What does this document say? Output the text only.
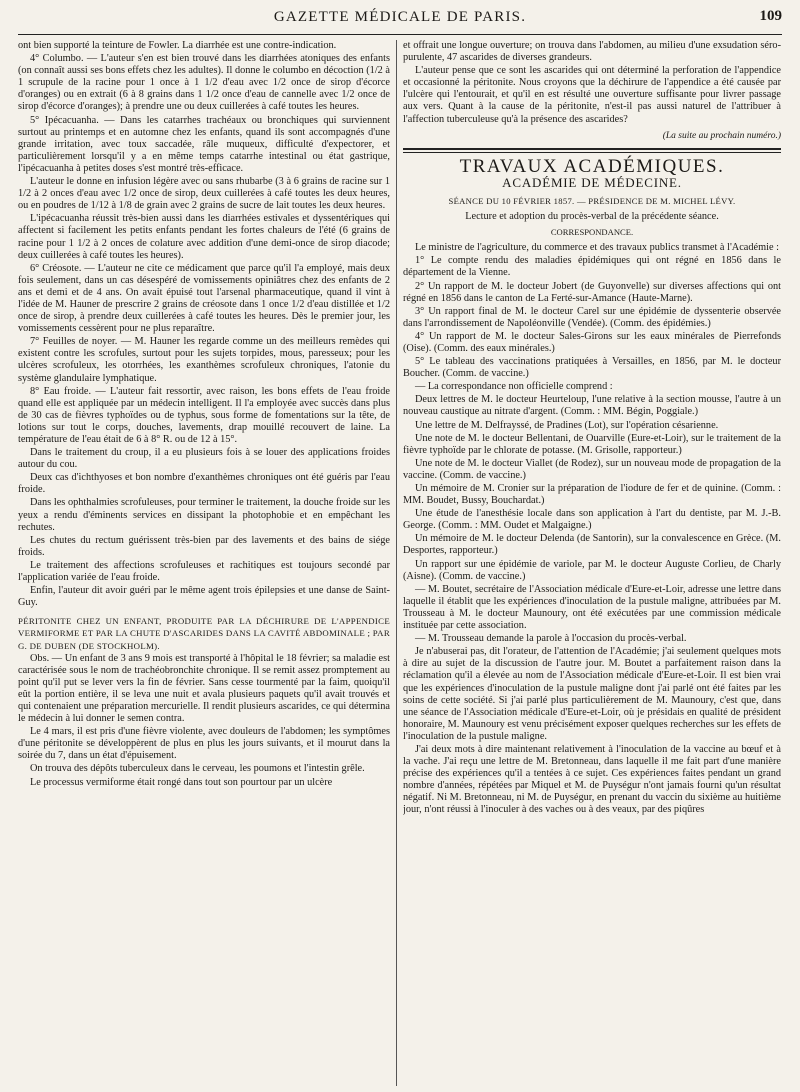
GAZETTE MÉDICALE DE PARIS.	109

ont bien supporté la teinture de Fowler. La diarrhée est une contre-indication.

4° Columbo. — L'auteur s'en est bien trouvé dans les diarrhées atoniques des enfants (on connaît aussi ses bons effets chez les adultes). Il donne le columbo en décoction (1/2 à 1 scrupule de la racine pour 1 once à 1 1/2 d'eau avec 1/2 once de sirop d'écorce d'oranges) ou en extrait (6 à 8 grains dans 1 1/2 once d'eau de cannelle avec 1/2 once de sirop d'écorce d'oranges); à prendre une ou deux cuillerées à café toutes les heures.

5° Ipécacuanha. — Dans les catarrhes trachéaux ou bronchiques qui surviennent surtout au printemps et en automne chez les enfants, quand ils sont accompagnés d'une grande irritation, avec toux saccadée, râle muqueux, difficulté d'expectorer, et particulièrement lorsqu'il y a en même temps catarrhe intestinal ou état gastrique, l'ipécacuanha à petites doses s'est montré très-efficace.

L'auteur le donne en infusion légère avec ou sans rhubarbe (3 à 6 grains de racine sur 1 1/2 à 2 onces d'eau avec 1/2 once de sirop, deux cuillerées à café toutes les deux heures, ou en poudres de 1/12 à 1/8 de grain avec 2 grains de sucre de lait toutes les deux heures.

L'ipécacuanha réussit très-bien aussi dans les diarrhées estivales et dyssentériques qui affectent si facilement les petits enfants pendant les fortes chaleurs de l'été (6 grains de racine pour 1 1/2 à 2 onces de colature avec addition d'une demi-once de sirop diacode; deux cuillerées à café toutes les heures).

6° Créosote. — L'auteur ne cite ce médicament que parce qu'il l'a employé, mais deux fois seulement, dans un cas désespéré de vomissements opiniâtres chez des enfants de 2 ans et demi et de 4 ans. On avait épuisé tout l'arsenal pharmaceutique, quand il vint à l'idée de M. Hauner de prescrire 2 grains de créosote dans 1 once 1/2 d'eau distillée et 1/2 once de sirop, à prendre deux cuillerées à café toutes les heures. Dès le premier jour, les vomissements cessèrent pour ne plus reparaître.

7° Feuilles de noyer. — M. Hauner les regarde comme un des meilleurs remèdes qui existent contre les scrofules, surtout pour les sujets torpides, mous, paresseux; pour les ulcères scrofuleux, les otorrhées, les exanthèmes scrofuleux chroniques, l'atonie du système glandulaire lymphatique.

8° Eau froide. — L'auteur fait ressortir, avec raison, les bons effets de l'eau froide quand elle est appliquée par un médecin intelligent. Il l'a employée avec succès dans plus de 30 cas de fièvres typhoïdes ou de typhus, sous forme de fomentations sur la tête, de lotions sur tout le corps, douches, lavements, drap mouillé recouvert de laine. La température de l'eau était de 6 à 8° R. ou de 12 à 15°.

Dans le traitement du croup, il a eu plusieurs fois à se louer des applications froides autour du cou.

Deux cas d'ichthyoses et bon nombre d'exanthèmes chroniques ont été guéris par l'eau froide.

Dans les ophthalmies scrofuleuses, pour terminer le traitement, la douche froide sur les yeux a rendu d'éminents services en dissipant la photophobie et en empêchant les rechutes.

Les chutes du rectum guérissent très-bien par des lavements et des bains de siége froids.

Le traitement des affections scrofuleuses et rachitiques est toujours secondé par l'application variée de l'eau froide.

Enfin, l'auteur dit avoir guéri par le même agent trois épilepsies et une danse de Saint-Guy.

PÉRITONITE CHEZ UN ENFANT, PRODUITE PAR LA DÉCHIRURE DE L'APPENDICE VERMIFORME ET PAR LA CHUTE D'ASCARIDES DANS LA CAVITÉ ABDOMINALE ; PAR G. DE DUBEN (DE STOCKHOLM).

Obs. — Un enfant de 3 ans 9 mois est transporté à l'hôpital le 18 février; sa maladie est caractérisée sous le nom de trachéobronchite chronique. Il se remit assez promptement au point qu'il put se lever vers la fin de février. Sans cesse tourmenté par la faim, quoiqu'il eût la portion entière, il se leva une nuit et avala plusieurs paquets qu'il avait trouvés et qui contenaient une préparation mercurielle. Il rendit plusieurs ascarides, ce qui détermina le médecin à lui donner le semen contra.

Le 4 mars, il est pris d'une fièvre violente, avec douleurs de l'abdomen; les symptômes d'une péritonite se développèrent de plus en plus les jours suivants, et il mourut dans la soirée du 7, dans un état d'épuisement.

On trouva des dépôts tuberculeux dans le cerveau, les poumons et l'intestin grêle.

Le processus vermiforme était rongé dans tout son pourtour par un ulcère

et offrait une longue ouverture; on trouva dans l'abdomen, au milieu d'une exsudation séro-purulente, 47 ascarides de diverses grandeurs.

L'auteur pense que ce sont les ascarides qui ont déterminé la perforation de l'appendice et occasionné la péritonite. Nous croyons que la déchirure de l'appendice a été causée par l'ulcère qui l'entourait, et qu'il en est résulté une ouverture suffisante pour livrer passage aux vers. Quant à la cause de la péritonite, n'est-il pas aussi naturel de l'attribuer à l'affection tuberculeuse qu'à la présence des ascarides?

(La suite au prochain numéro.)
TRAVAUX ACADÉMIQUES.
ACADÉMIE DE MÉDECINE.
SÉANCE DU 10 FÉVRIER 1857. — PRÉSIDENCE DE M. MICHEL LÉVY.

Lecture et adoption du procès-verbal de la précédente séance.

CORRESPONDANCE.

Le ministre de l'agriculture, du commerce et des travaux publics transmet à l'Académie :

1° Le compte rendu des maladies épidémiques qui ont régné en 1856 dans le département de la Vienne.

2° Un rapport de M. le docteur Jobert (de Guyonvelle) sur diverses affections qui ont régné en 1856 dans le canton de La Ferté-sur-Amance (Haute-Marne).

3° Un rapport final de M. le docteur Carel sur une épidémie de dyssenterie observée dans l'arrondissement de Napoléonville (Vendée). (Comm. des épidémies.)

4° Un rapport de M. le docteur Sales-Girons sur les eaux minérales de Pierrefonds (Oise). (Comm. des eaux minérales.)

5° Le tableau des vaccinations pratiquées à Versailles, en 1856, par M. le docteur Boucher. (Comm. de vaccine.)

— La correspondance non officielle comprend :

Deux lettres de M. le docteur Heurteloup, l'une relative à la section mousse, l'autre à un nouveau caustique au nitrate d'argent. (Comm. : MM. Bégin, Poggiale.)

Une lettre de M. Delfrayssé, de Pradines (Lot), sur l'opération césarienne.

Une note de M. le docteur Bellentani, de Ouarville (Eure-et-Loir), sur le traitement de la fièvre typhoïde par le chlorate de potasse. (M. Grisolle, rapporteur.)

Une note de M. le docteur Viallet (de Rodez), sur un nouveau mode de propagation de la vaccine. (Comm. de vaccine.)

Un mémoire de M. Cronier sur la préparation de l'iodure de fer et de quinine. (Comm. : MM. Boudet, Bussy, Bouchardat.)

Une étude de l'anesthésie locale dans son application à l'art du dentiste, par M. J.-B. George. (Comm. : MM. Oudet et Malgaigne.)

Un mémoire de M. le docteur Delenda (de Santorin), sur la convalescence en Grèce. (M. Desportes, rapporteur.)

Un rapport sur une épidémie de variole, par M. le docteur Auguste Corlieu, de Charly (Aisne). (Comm. de vaccine.)

— M. Boutet, secrétaire de l'Association médicale d'Eure-et-Loir, adresse une lettre dans laquelle il établit que les expériences d'inoculation de la pustule maligne, attribuées par M. Trousseau à M. le docteur Maunoury, ont été exécutées par une commission médicale instituée par cette association.

— M. Trousseau demande la parole à l'occasion du procès-verbal.

Je n'abuserai pas, dit l'orateur, de l'attention de l'Académie; j'ai seulement quelques mots à dire au sujet de la discussion de l'autre jour. M. Boutet a parfaitement raison dans la réclamation qu'il a élevée au nom de l'Association médicale d'Eure-et-Loir. Il est bien vrai que les expériences d'inoculation de la pustule maligne dont j'ai parlé ont été faites par les soins de cette société. Si j'ai parlé plus particulièrement de M. Maunoury, c'est que, dans une séance de l'Association médicale d'Eure-et-Loir, où je présidais en qualité de président honoraire, M. Maunoury est venu précisément exposer quelques recherches sur les effets de l'inoculation de la pustule maligne.

J'ai deux mots à dire maintenant relativement à l'inoculation de la vaccine au bœuf et à la vache. J'ai reçu une lettre de M. Bretonneau, dans laquelle il me fait part d'une manière précise des expériences qu'il a tentées à ce sujet. Ces expériences faites pendant un grand nombre d'années, répétées par Miquel et M. de Puységur n'ont jamais fourni qu'un résultat négatif. Ni M. Bretonneau, ni M. de Puységur, en prenant du vaccin du sixième au huitième jour, n'ont réussi à l'inoculer à des vaches ou à des veaux, par des piqûres
